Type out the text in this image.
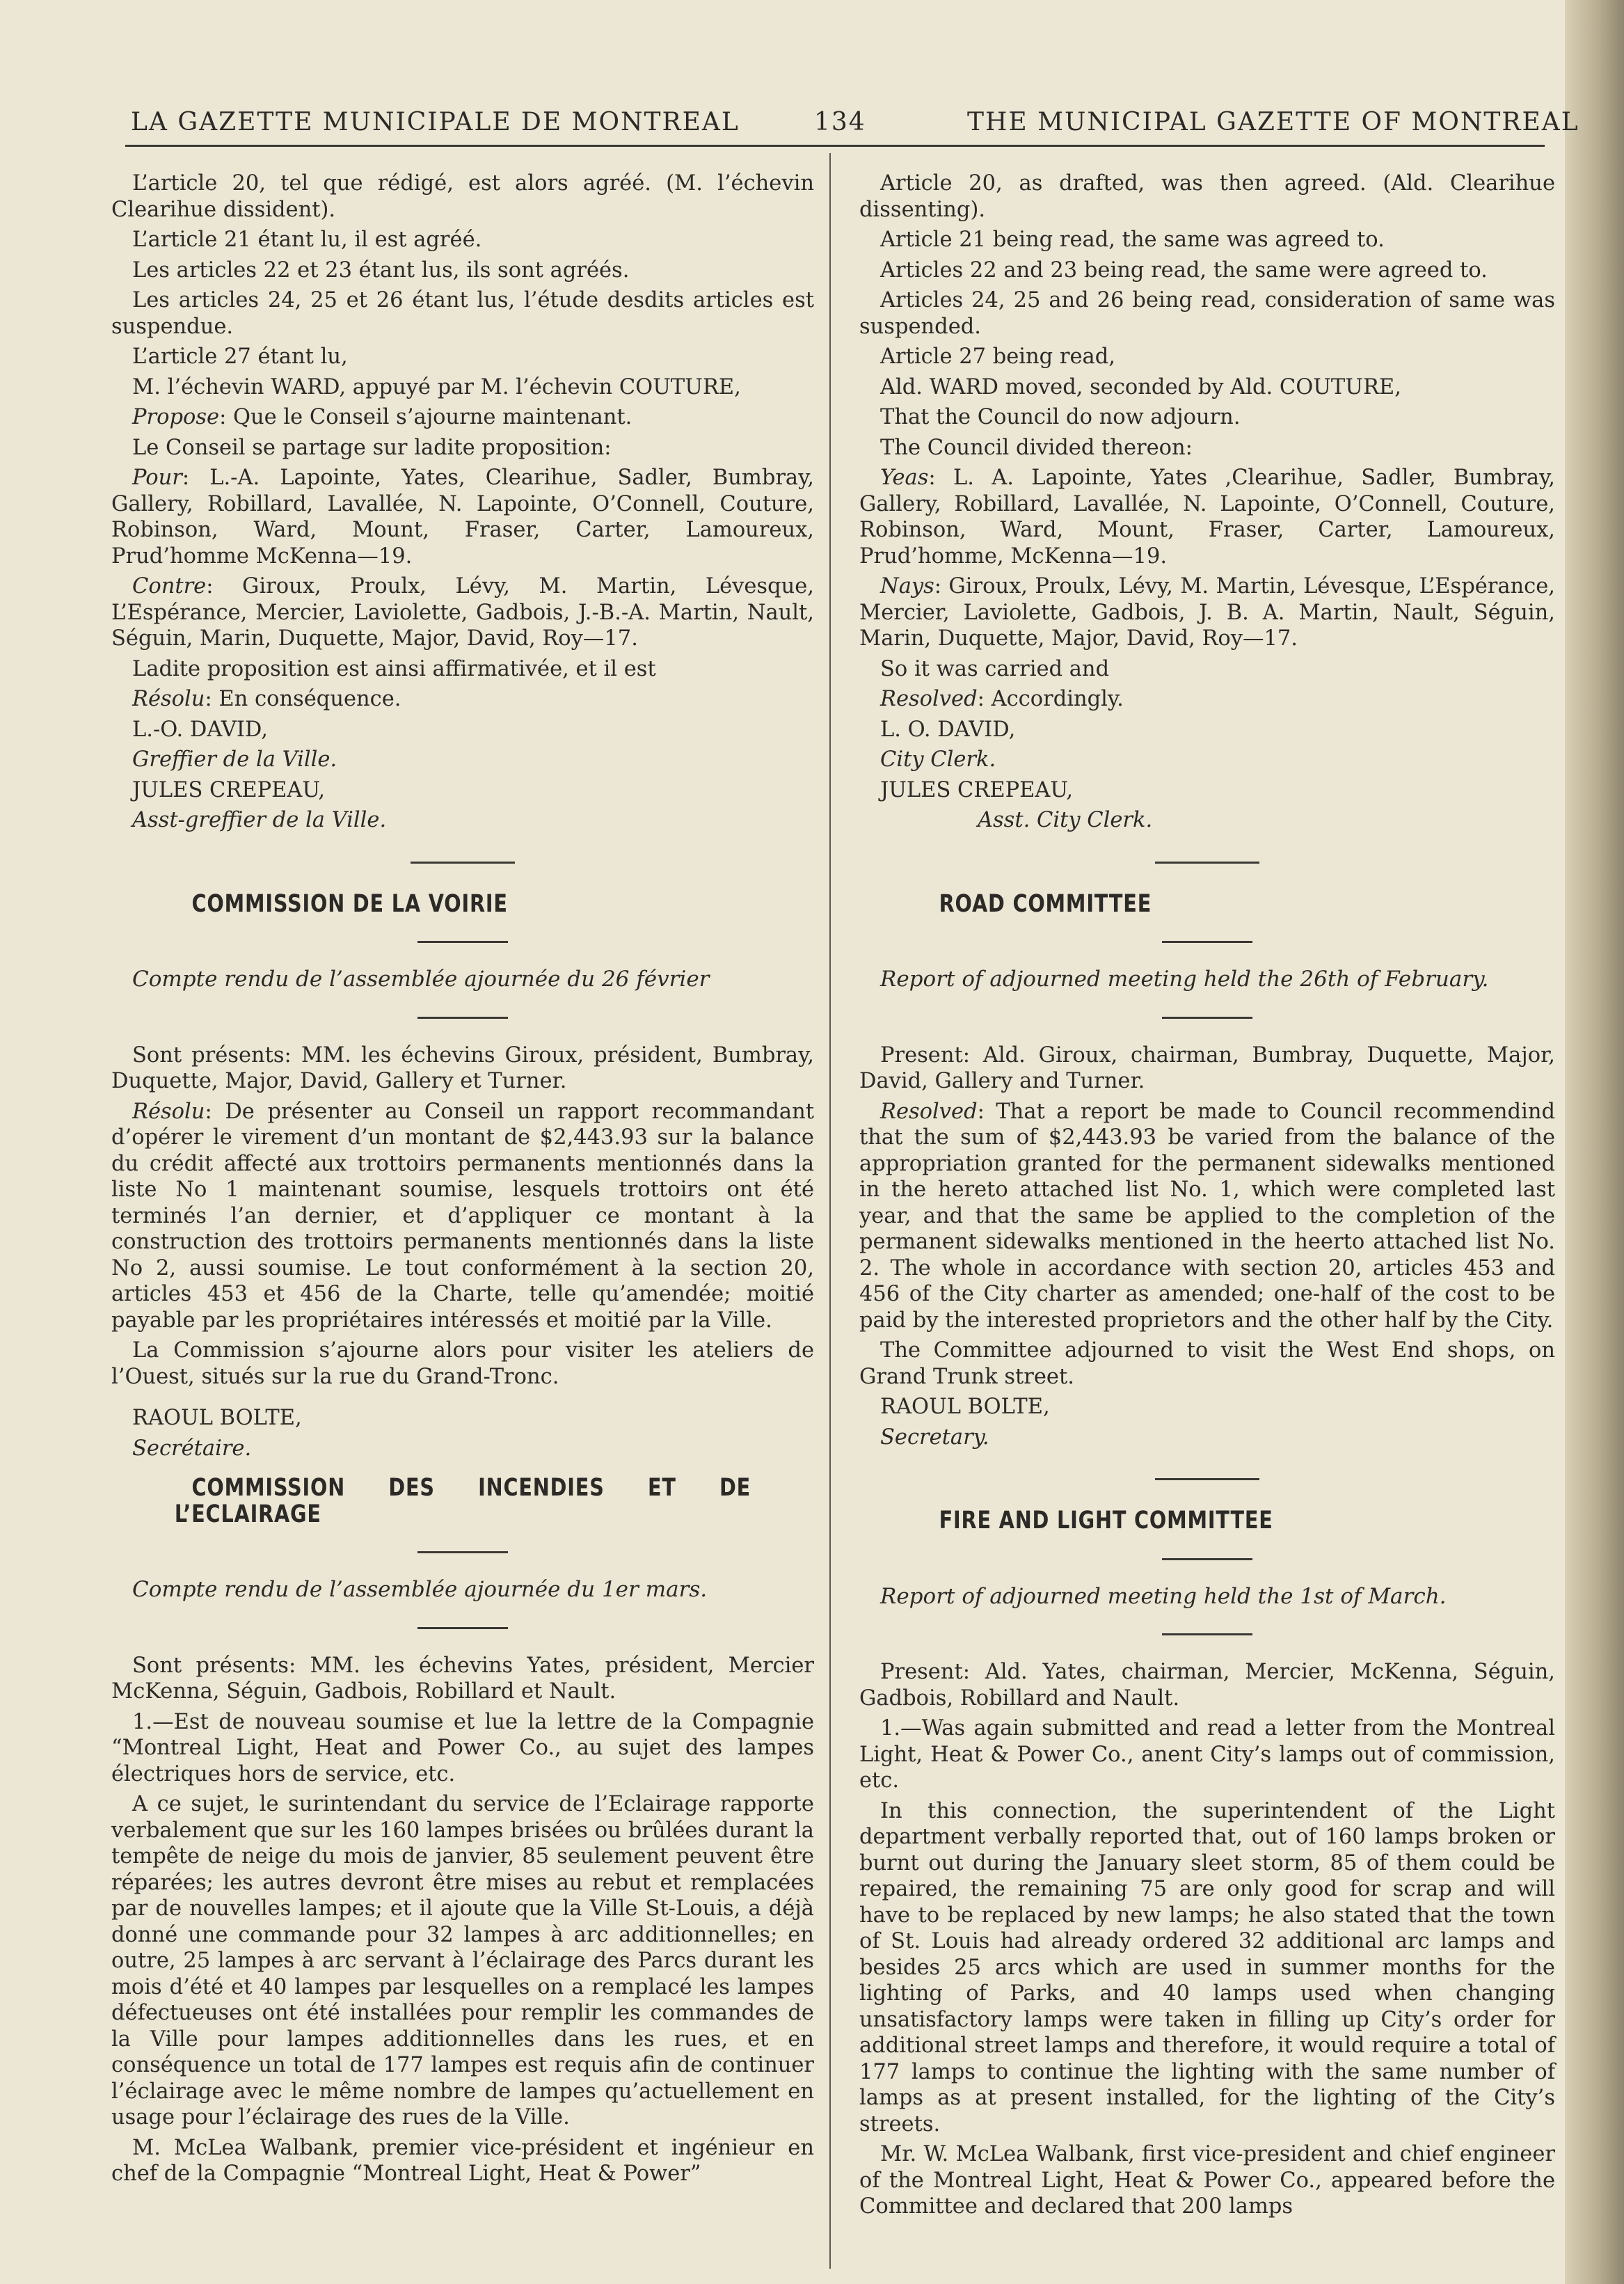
LA GAZETTE MUNICIPALE DE MONTREAL	134	THE MUNICIPAL GAZETTE OF MONTREAL

L’article 20, tel que rédigé, est alors agréé. (M. l’échevin Clearihue dissident).

L’article 21 étant lu, il est agréé.

Les articles 22 et 23 étant lus, ils sont agréés.

Les articles 24, 25 et 26 étant lus, l’étude desdits articles est suspendue.

L’article 27 étant lu,

M. l’échevin WARD, appuyé par M. l’échevin COUTURE,

Propose: Que le Conseil s’ajourne maintenant.

Le Conseil se partage sur ladite proposition:

Pour: L.-A. Lapointe, Yates, Clearihue, Sadler, Bumbray, Gallery, Robillard, Lavallée, N. Lapointe, O’Connell, Couture, Robinson, Ward, Mount, Fraser, Carter, Lamoureux, Prud’homme McKenna—19.

Contre: Giroux, Proulx, Lévy, M. Martin, Lévesque, L’Espérance, Mercier, Laviolette, Gadbois, J.-B.-A. Martin, Nault, Séguin, Marin, Duquette, Major, David, Roy—17.

Ladite proposition est ainsi affirmativée, et il est

Résolu: En conséquence.

L.-O. DAVID,

Greffier de la Ville.

JULES CREPEAU,

Asst-greffier de la Ville.

COMMISSION DE LA VOIRIE

Compte rendu de l’assemblée ajournée du 26 février

Sont présents: MM. les échevins Giroux, président, Bumbray, Duquette, Major, David, Gallery et Turner.

Résolu: De présenter au Conseil un rapport recommandant d’opérer le virement d’un montant de $2,443.93 sur la balance du crédit affecté aux trottoirs permanents mentionnés dans la liste No 1 maintenant soumise, lesquels trottoirs ont été terminés l’an dernier, et d’appliquer ce montant à la construction des trottoirs permanents mentionnés dans la liste No 2, aussi soumise. Le tout conformément à la section 20, articles 453 et 456 de la Charte, telle qu’amendée; moitié payable par les propriétaires intéressés et moitié par la Ville.

La Commission s’ajourne alors pour visiter les ateliers de l’Ouest, situés sur la rue du Grand-Tronc.

RAOUL BOLTE,

Secrétaire.

COMMISSION DES INCENDIES ET DE L’ECLAIRAGE

Compte rendu de l’assemblée ajournée du 1er mars.

Sont présents: MM. les échevins Yates, président, Mercier McKenna, Séguin, Gadbois, Robillard et Nault.

1.—Est de nouveau soumise et lue la lettre de la Compagnie “Montreal Light, Heat and Power Co., au sujet des lampes électriques hors de service, etc.

A ce sujet, le surintendant du service de l’Eclairage rapporte verbalement que sur les 160 lampes brisées ou brûlées durant la tempête de neige du mois de janvier, 85 seulement peuvent être réparées; les autres devront être mises au rebut et remplacées par de nouvelles lampes; et il ajoute que la Ville St-Louis, a déjà donné une commande pour 32 lampes à arc additionnelles; en outre, 25 lampes à arc servant à l’éclairage des Parcs durant les mois d’été et 40 lampes par lesquelles on a remplacé les lampes défectueuses ont été installées pour remplir les commandes de la Ville pour lampes additionnelles dans les rues, et en conséquence un total de 177 lampes est requis afin de continuer l’éclairage avec le même nombre de lampes qu’actuellement en usage pour l’éclairage des rues de la Ville.

M. McLea Walbank, premier vice-président et ingénieur en chef de la Compagnie “Montreal Light, Heat & Power”

Article 20, as drafted, was then agreed. (Ald. Clearihue dissenting).

Article 21 being read, the same was agreed to.

Articles 22 and 23 being read, the same were agreed to.

Articles 24, 25 and 26 being read, consideration of same was suspended.

Article 27 being read,

Ald. WARD moved, seconded by Ald. COUTURE,

That the Council do now adjourn.

The Council divided thereon:

Yeas: L. A. Lapointe, Yates ,Clearihue, Sadler, Bumbray, Gallery, Robillard, Lavallée, N. Lapointe, O’Connell, Couture, Robinson, Ward, Mount, Fraser, Carter, Lamoureux, Prud’homme, McKenna—19.

Nays: Giroux, Proulx, Lévy, M. Martin, Lévesque, L’Espérance, Mercier, Laviolette, Gadbois, J. B. A. Martin, Nault, Séguin, Marin, Duquette, Major, David, Roy—17.

So it was carried and

Resolved: Accordingly.

L. O. DAVID,

City Clerk.

JULES CREPEAU,

Asst. City Clerk.

ROAD COMMITTEE

Report of adjourned meeting held the 26th of February.

Present: Ald. Giroux, chairman, Bumbray, Duquette, Major, David, Gallery and Turner.

Resolved: That a report be made to Council recommendind that the sum of $2,443.93 be varied from the balance of the appropriation granted for the permanent sidewalks mentioned in the hereto attached list No. 1, which were completed last year, and that the same be applied to the completion of the permanent sidewalks mentioned in the heerto attached list No. 2. The whole in accordance with section 20, articles 453 and 456 of the City charter as amended; one-half of the cost to be paid by the interested proprietors and the other half by the City.

The Committee adjourned to visit the West End shops, on Grand Trunk street.

RAOUL BOLTE,

Secretary.

FIRE AND LIGHT COMMITTEE

Report of adjourned meeting held the 1st of March.

Present: Ald. Yates, chairman, Mercier, McKenna, Séguin, Gadbois, Robillard and Nault.

1.—Was again submitted and read a letter from the Montreal Light, Heat & Power Co., anent City’s lamps out of commission, etc.

In this connection, the superintendent of the Light department verbally reported that, out of 160 lamps broken or burnt out during the January sleet storm, 85 of them could be repaired, the remaining 75 are only good for scrap and will have to be replaced by new lamps; he also stated that the town of St. Louis had already ordered 32 additional arc lamps and besides 25 arcs which are used in summer months for the lighting of Parks, and 40 lamps used when changing unsatisfactory lamps were taken in filling up City’s order for additional street lamps and therefore, it would require a total of 177 lamps to continue the lighting with the same number of lamps as at present installed, for the lighting of the City’s streets.

Mr. W. McLea Walbank, first vice-president and chief engineer of the Montreal Light, Heat & Power Co., appeared before the Committee and declared that 200 lamps
